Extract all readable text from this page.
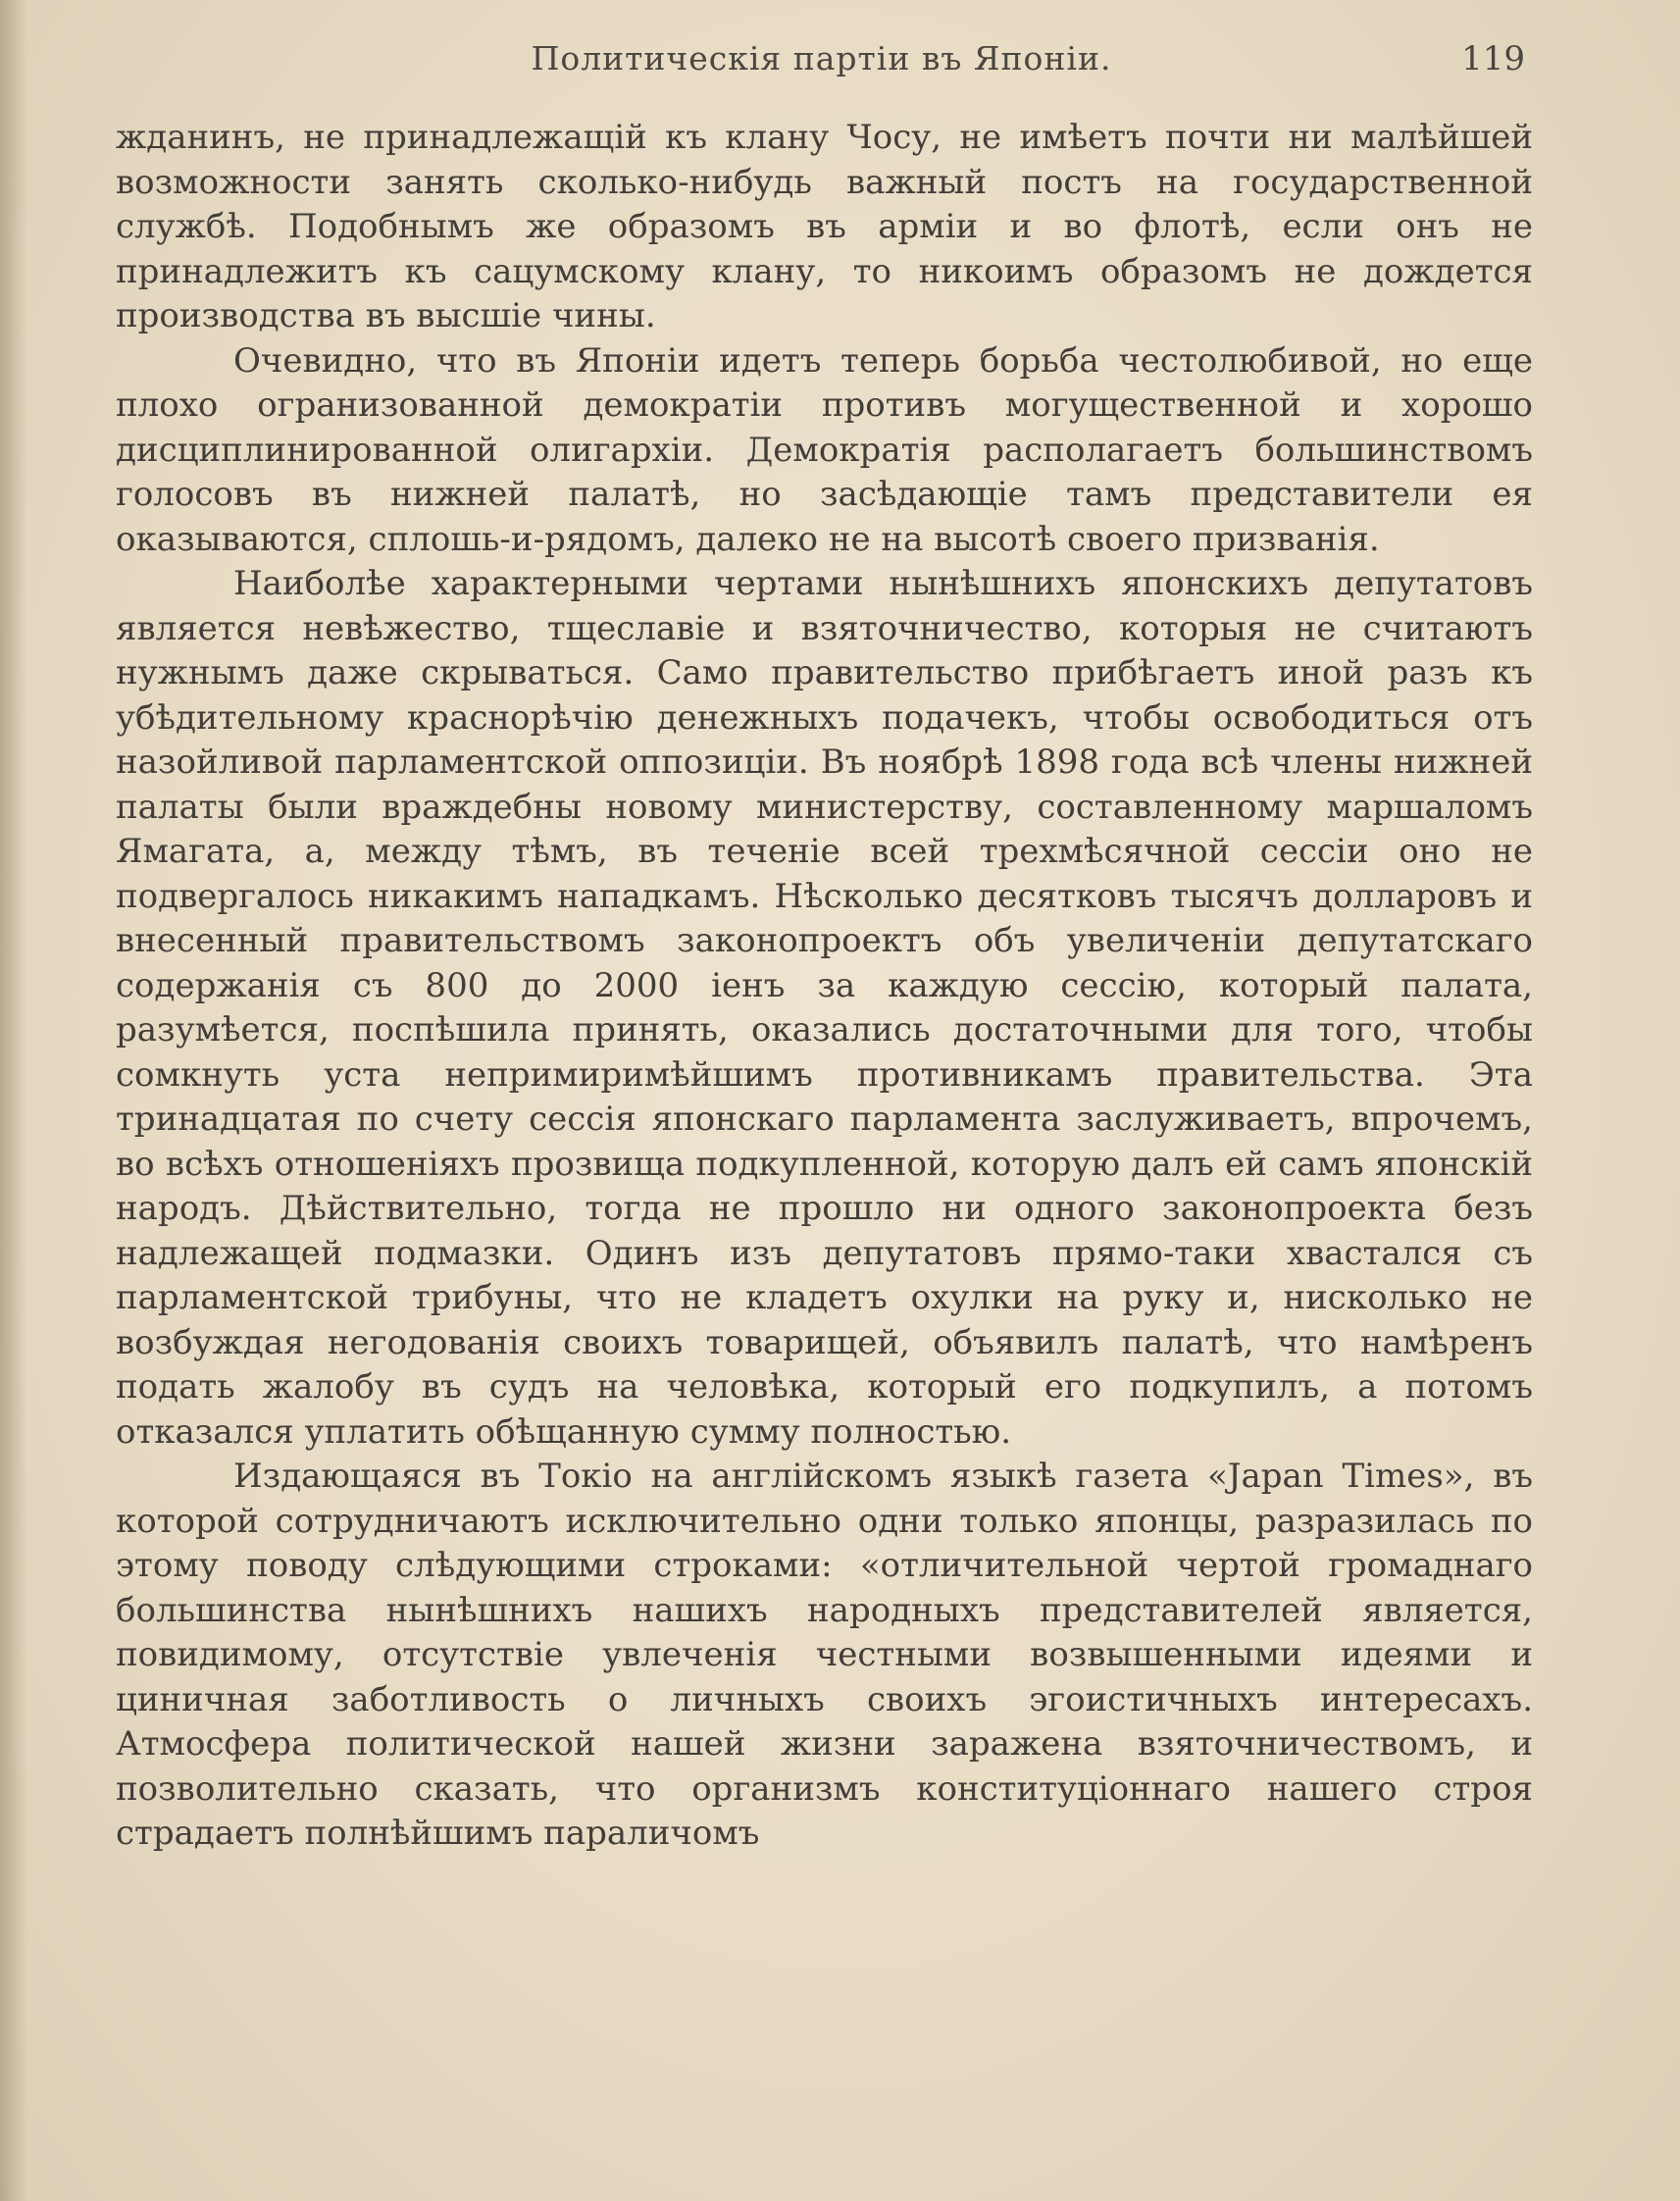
Политическія партіи въ Японіи.	119

жданинъ, не принадлежащій къ клану Чосу, не имѣетъ почти ни малѣйшей возможности занять сколько-нибудь важный постъ на государственной службѣ. Подобнымъ же образомъ въ арміи и во флотѣ, если онъ не принадлежитъ къ сацумскому клану, то никоимъ образомъ не дождется производства въ высшіе чины.

Очевидно, что въ Японіи идетъ теперь борьба честолюбивой, но еще плохо огранизованной демократіи противъ могущественной и хорошо дисциплинированной олигархіи. Демократія располагаетъ большинствомъ голосовъ въ нижней палатѣ, но засѣдающіе тамъ представители ея оказываются, сплошь-и-рядомъ, далеко не на высотѣ своего призванія.

Наиболѣе характерными чертами нынѣшнихъ японскихъ депутатовъ является невѣжество, тщеславіе и взяточничество, которыя не считаютъ нужнымъ даже скрываться. Само правительство прибѣгаетъ иной разъ къ убѣдительному краснорѣчію денежныхъ подачекъ, чтобы освободиться отъ назойливой парламентской оппозиціи. Въ ноябрѣ 1898 года всѣ члены нижней палаты были враждебны новому министерству, составленному маршаломъ Ямагата, а, между тѣмъ, въ теченіе всей трехмѣсячной сессіи оно не подвергалось никакимъ нападкамъ. Нѣсколько десятковъ тысячъ долларовъ и внесенный правительствомъ законопроектъ объ увеличеніи депутатскаго содержанія съ 800 до 2000 іенъ за каждую сессію, который палата, разумѣется, поспѣшила принять, оказались достаточными для того, чтобы сомкнуть уста непримиримѣйшимъ противникамъ правительства. Эта тринадцатая по счету сессія японскаго парламента заслуживаетъ, впрочемъ, во всѣхъ отношеніяхъ прозвища подкупленной, которую далъ ей самъ японскій народъ. Дѣйствительно, тогда не прошло ни одного законопроекта безъ надлежащей подмазки. Одинъ изъ депутатовъ прямо-таки хвастался съ парламентской трибуны, что не кладетъ охулки на руку и, нисколько не возбуждая негодованія своихъ товарищей, объявилъ палатѣ, что намѣренъ подать жалобу въ судъ на человѣка, который его подкупилъ, а потомъ отказался уплатить обѣщанную сумму полностью.

Издающаяся въ Токіо на англійскомъ языкѣ газета «Japan Times», въ которой сотрудничаютъ исключительно одни только японцы, разразилась по этому поводу слѣдующими строками: «отличительной чертой громаднаго большинства нынѣшнихъ нашихъ народныхъ представителей является, повидимому, отсутствіе увлеченія честными возвышенными идеями и циничная заботливость о личныхъ своихъ эгоистичныхъ интересахъ. Атмосфера политической нашей жизни заражена взяточничествомъ, и позволительно сказать, что организмъ конституціоннаго нашего строя страдаетъ полнѣйшимъ параличомъ
